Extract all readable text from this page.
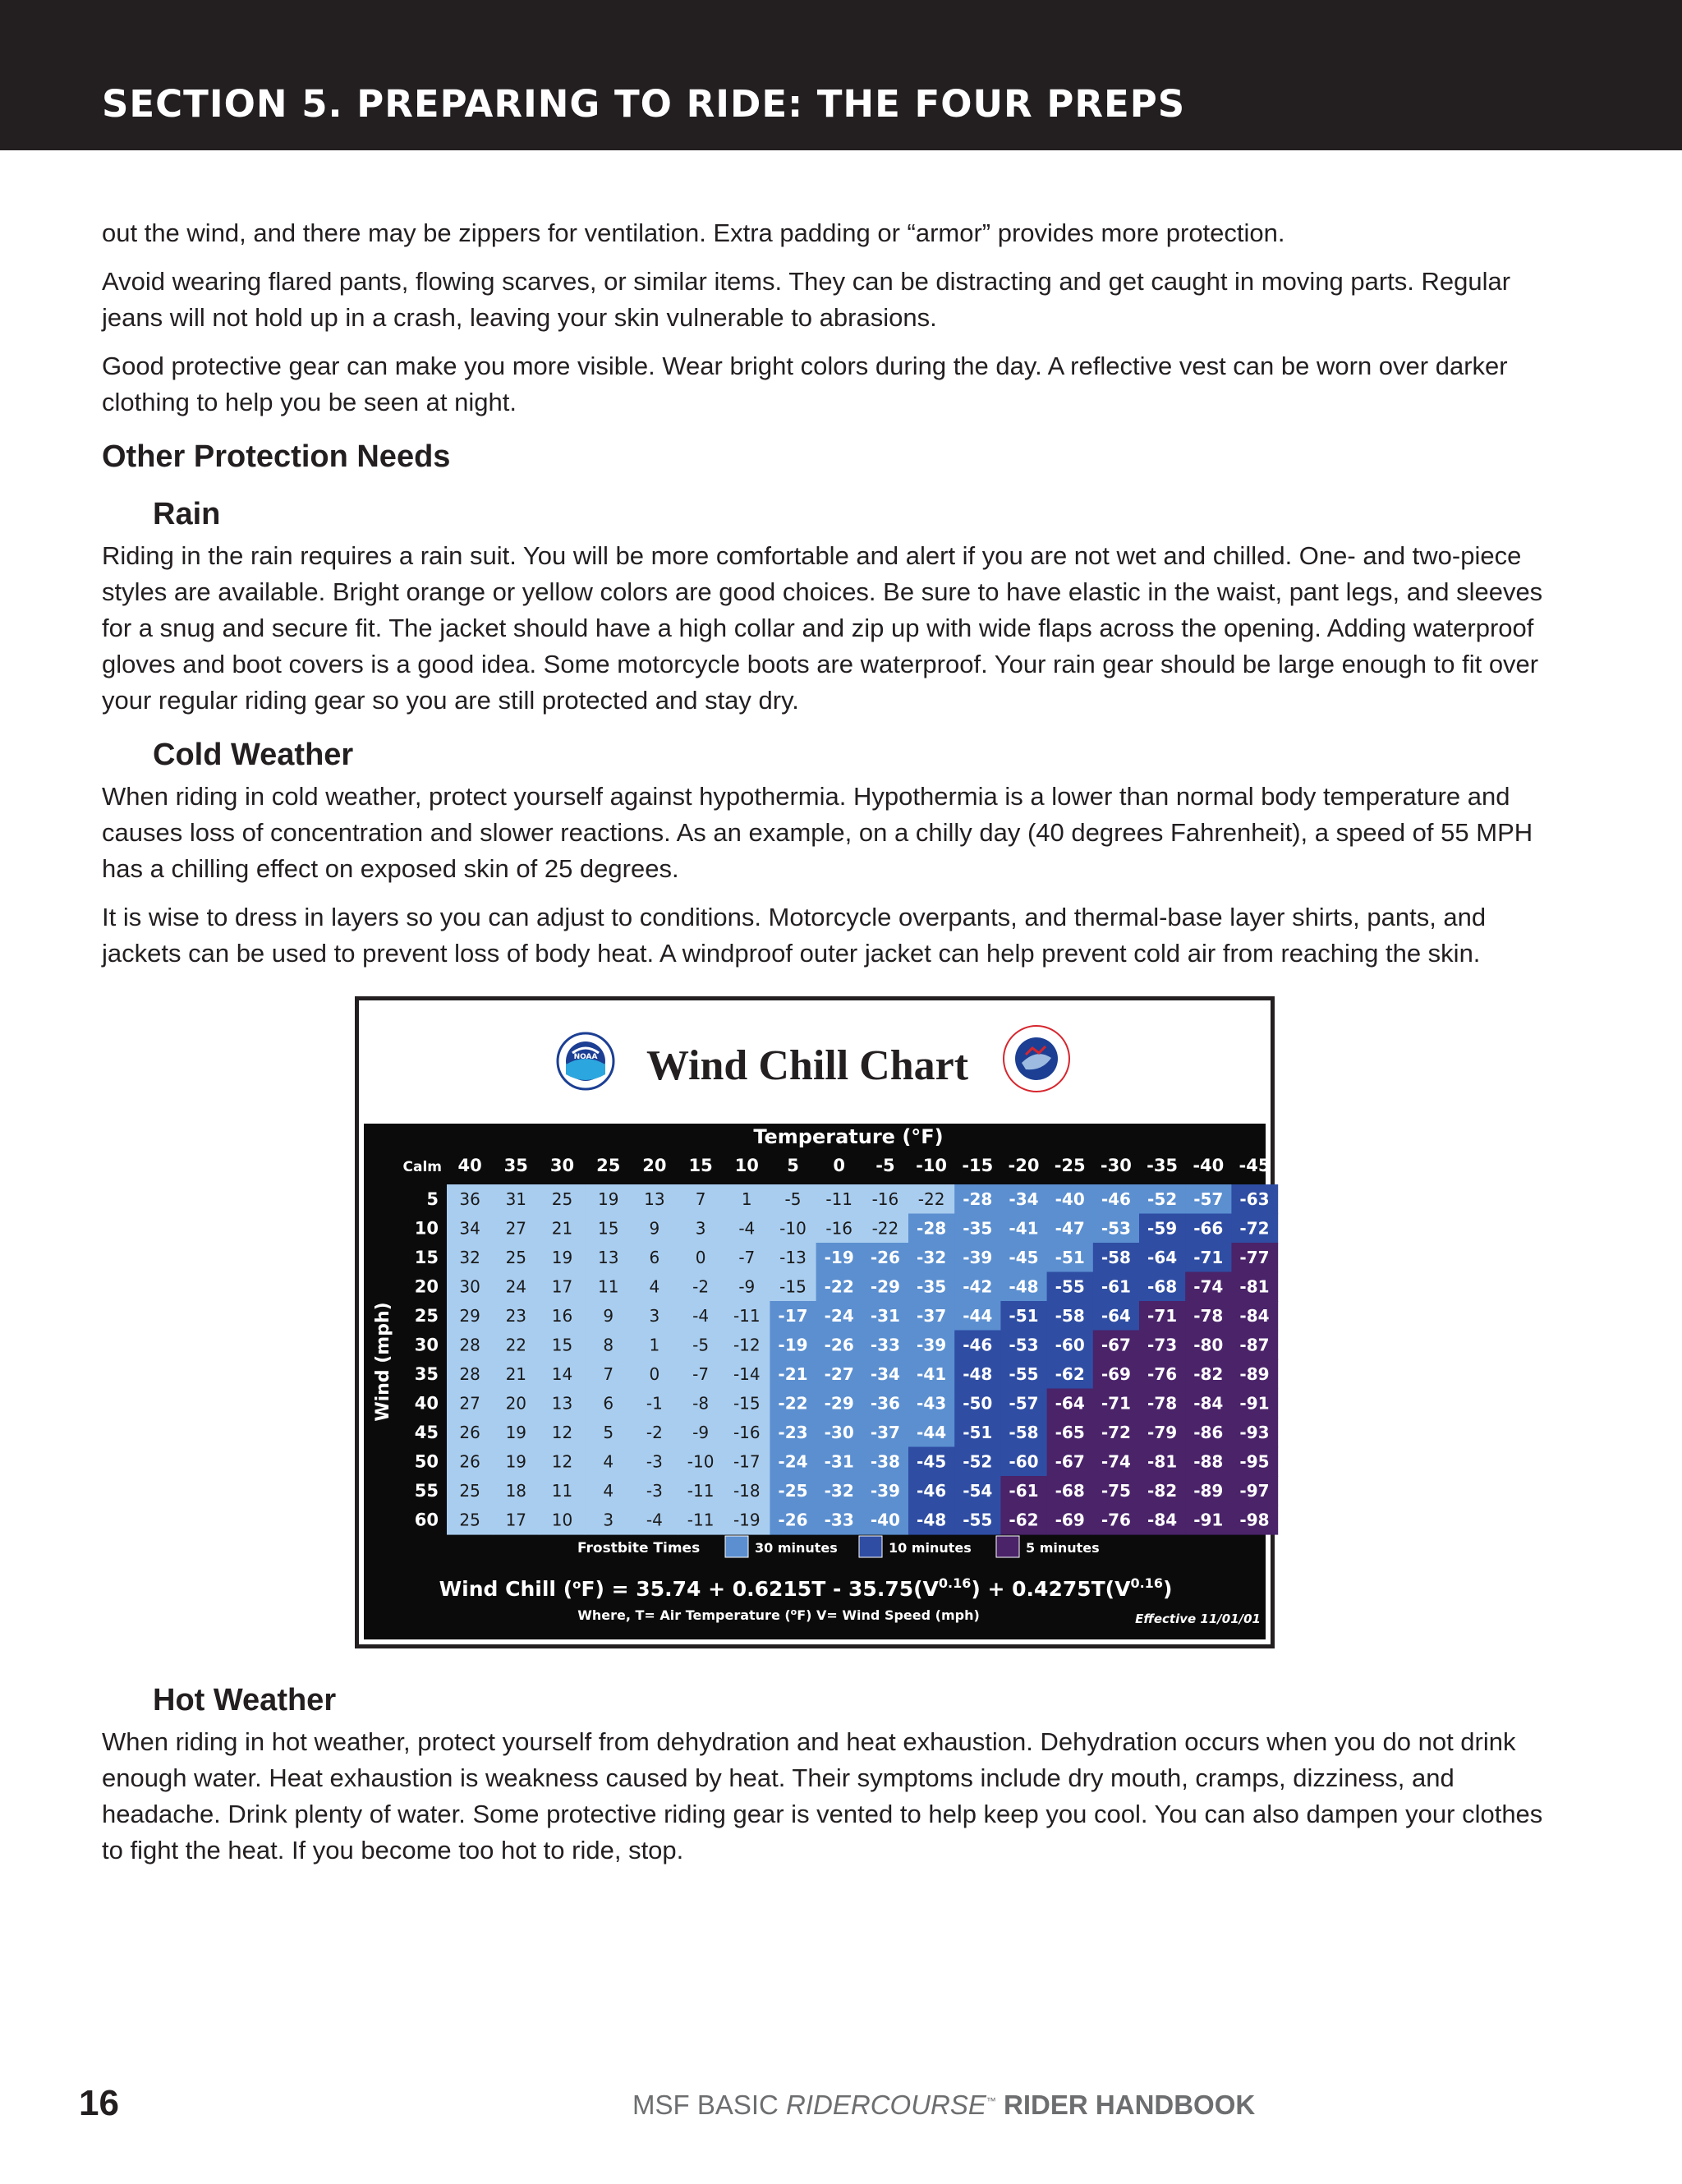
SECTION 5. PREPARING TO RIDE: THE FOUR PREPS

out the wind, and there may be zippers for ventilation. Extra padding or “armor” provides more protection.

Avoid wearing flared pants, flowing scarves, or similar items. They can be distracting and get caught in moving parts. Regular jeans will not hold up in a crash, leaving your skin vulnerable to abrasions.

Good protective gear can make you more visible. Wear bright colors during the day. A reflective vest can be worn over darker clothing to help you be seen at night.

Other Protection Needs
Rain

Riding in the rain requires a rain suit. You will be more comfortable and alert if you are not wet and chilled. One- and two-piece styles are available. Bright orange or yellow colors are good choices. Be sure to have elastic in the waist, pant legs, and sleeves for a snug and secure fit. The jacket should have a high collar and zip up with wide flaps across the opening. Adding waterproof gloves and boot covers is a good idea. Some motorcycle boots are waterproof. Your rain gear should be large enough to fit over your regular riding gear so you are still protected and stay dry.

Cold Weather

When riding in cold weather, protect yourself against hypothermia. Hypothermia is a lower than normal body temperature and causes loss of concentration and slower reactions. As an example, on a chilly day (40 degrees Fahrenheit), a speed of 55 MPH has a chilling effect on exposed skin of 25 degrees.

It is wise to dress in layers so you can adjust to conditions. Motorcycle overpants, and thermal-base layer shirts, pants, and jackets can be used to prevent loss of body heat. A windproof outer jacket can help prevent cold air from reaching the skin.

NOAA Wind Chill Chart
Temperature (°F)
Calm 40 35 30 25 20 15 10 5 0 -5 -10 -15 -20 -25 -30 -35 -40 -45
5 36 31 25 19 13 7 1 -5 -11 -16 -22 -28 -34 -40 -46 -52 -57 -63
10 34 27 21 15 9 3 -4 -10 -16 -22 -28 -35 -41 -47 -53 -59 -66 -72
15 32 25 19 13 6 0 -7 -13 -19 -26 -32 -39 -45 -51 -58 -64 -71 -77
20 30 24 17 11 4 -2 -9 -15 -22 -29 -35 -42 -48 -55 -61 -68 -74 -81
25 29 23 16 9 3 -4 -11 -17 -24 -31 -37 -44 -51 -58 -64 -71 -78 -84
30 28 22 15 8 1 -5 -12 -19 -26 -33 -39 -46 -53 -60 -67 -73 -80 -87
35 28 21 14 7 0 -7 -14 -21 -27 -34 -41 -48 -55 -62 -69 -76 -82 -89
40 27 20 13 6 -1 -8 -15 -22 -29 -36 -43 -50 -57 -64 -71 -78 -84 -91
45 26 19 12 5 -2 -9 -16 -23 -30 -37 -44 -51 -58 -65 -72 -79 -86 -93
50 26 19 12 4 -3 -10 -17 -24 -31 -38 -45 -52 -60 -67 -74 -81 -88 -95
55 25 18 11 4 -3 -11 -18 -25 -32 -39 -46 -54 -61 -68 -75 -82 -89 -97
60 25 17 10 3 -4 -11 -19 -26 -33 -40 -48 -55 -62 -69 -76 -84 -91 -98
Wind (mph)
Frostbite Times	30 minutes	10 minutes	5 minutes
Wind Chill $(^oF) = 35.74 + 0.6215T - 35.75(V^{0.16}) + 0.4275T(V^{0.16})$
Where, T= Air Temperature ($^o$F) V= Wind Speed (mph)	Effective 11/01/01
Hot Weather

When riding in hot weather, protect yourself from dehydration and heat exhaustion. Dehydration occurs when you do not drink enough water. Heat exhaustion is weakness caused by heat. Their symptoms include dry mouth, cramps, dizziness, and headache. Drink plenty of water. Some protective riding gear is vented to help keep you cool. You can also dampen your clothes to fight the heat. If you become too hot to ride, stop.

16	MSF BASIC RIDERCOURSE™ RIDER HANDBOOK
